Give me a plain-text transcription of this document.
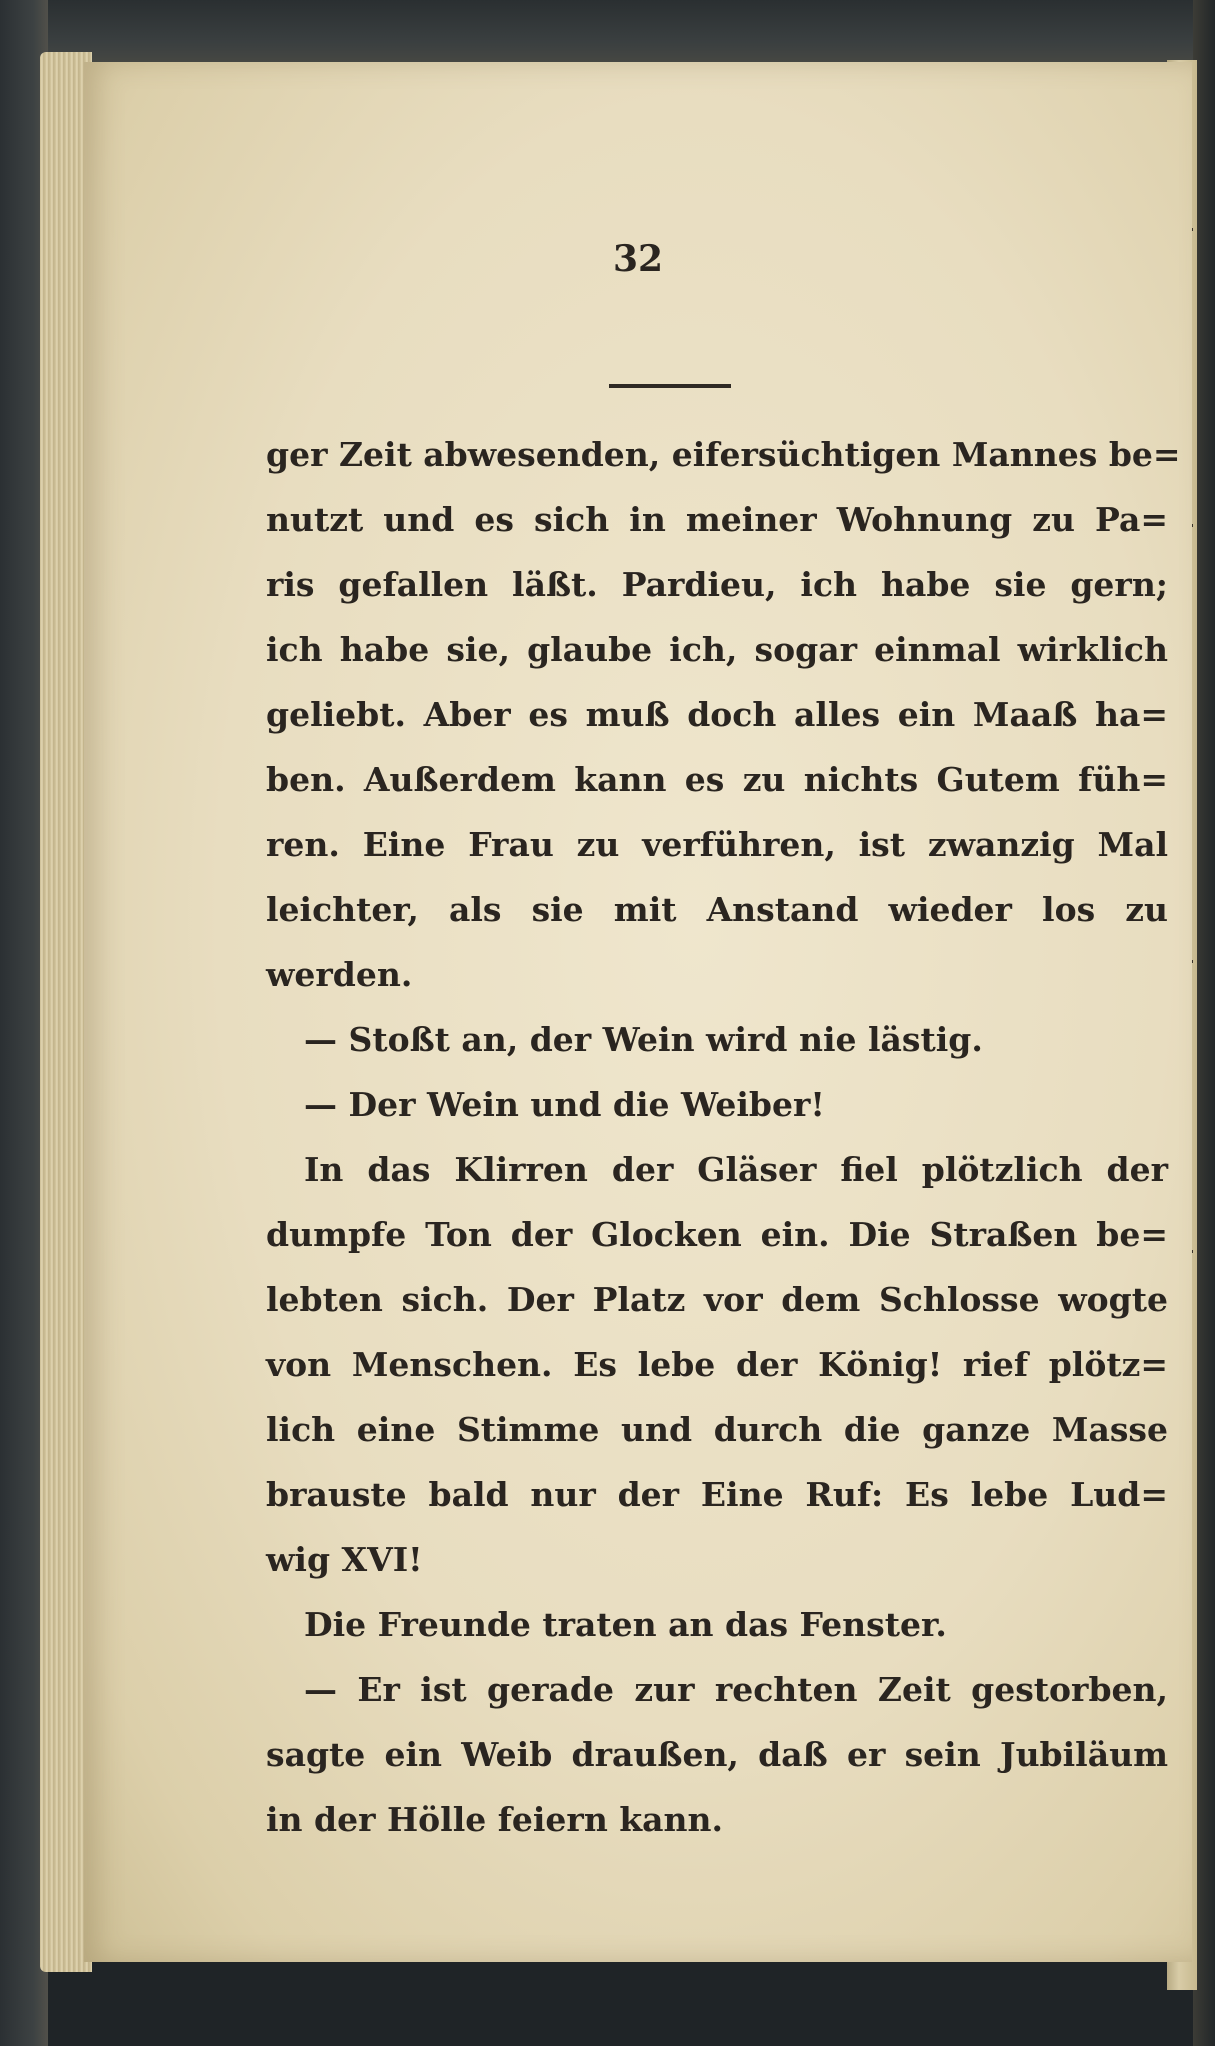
32
ger Zeit abwesenden, eifersüchtigen Mannes be=
nutzt und es sich in meiner Wohnung zu Pa=
ris gefallen läßt. Pardieu, ich habe sie gern;
ich habe sie, glaube ich, sogar einmal wirklich
geliebt. Aber es muß doch alles ein Maaß ha=
ben. Außerdem kann es zu nichts Gutem füh=
ren. Eine Frau zu verführen, ist zwanzig Mal
leichter, als sie mit Anstand wieder los zu
werden.
— Stoßt an, der Wein wird nie lästig.
— Der Wein und die Weiber!
In das Klirren der Gläser fiel plötzlich der
dumpfe Ton der Glocken ein. Die Straßen be=
lebten sich. Der Platz vor dem Schlosse wogte
von Menschen. Es lebe der König! rief plötz=
lich eine Stimme und durch die ganze Masse
brauste bald nur der Eine Ruf: Es lebe Lud=
wig XVI!
Die Freunde traten an das Fenster.
— Er ist gerade zur rechten Zeit gestorben,
sagte ein Weib draußen, daß er sein Jubiläum
in der Hölle feiern kann.
